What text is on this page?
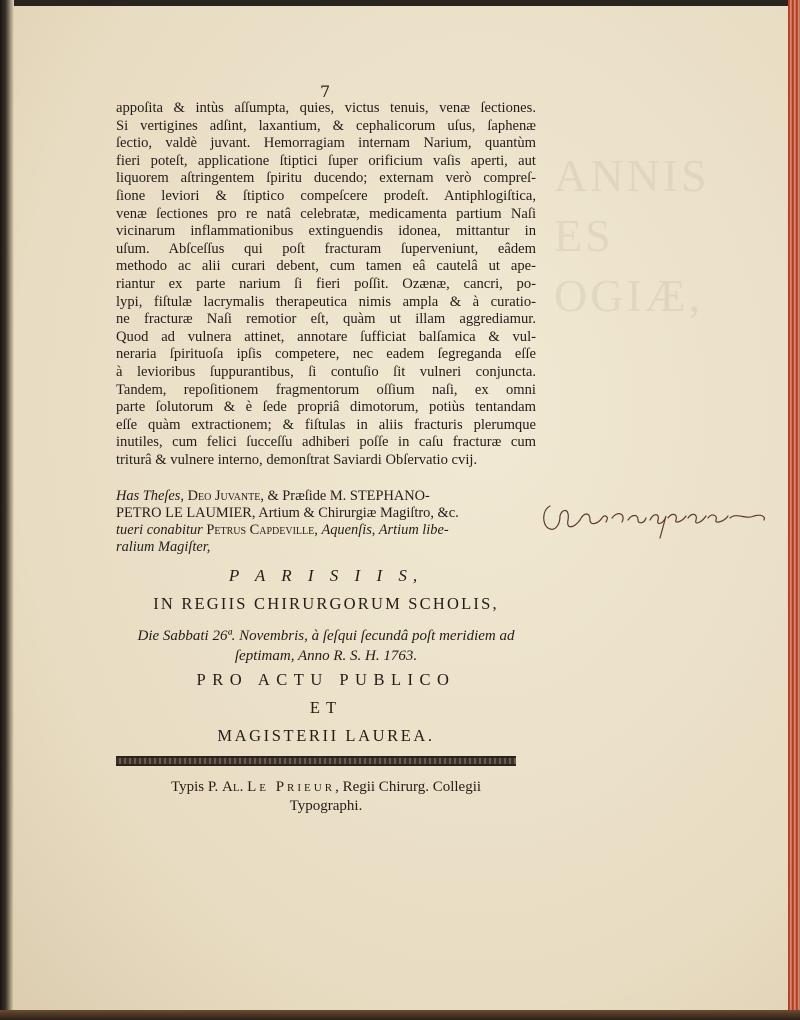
ANNIS
ES
OGIÆ,
7
appoſita & intùs aſſumpta, quies, victus tenuis, venæ ſectiones.
Si vertigines adſint, laxantium, & cephalicorum uſus, ſaphenæ
ſectio, valdè juvant. Hemorragiam internam Narium, quantùm
fieri poteſt, applicatione ſtiptici ſuper orificium vaſis aperti, aut
liquorem aſtringentem ſpiritu ducendo; externam verò compreſ-
ſione leviori & ſtiptico compeſcere prodeſt. Antiphlogiſtica,
venæ ſectiones pro re natâ celebratæ, medicamenta partium Naſi
vicinarum inflammationibus extinguendis idonea, mittantur in
uſum. Abſceſſus qui poſt fracturam ſuperveniunt, eâdem
methodo ac alii curari debent, cum tamen eâ cautelâ ut ape-
riantur ex parte narium ſi fieri poſſit. Ozænæ, cancri, po-
lypi, fiſtulæ lacrymalis therapeutica nimis ampla & à curatio-
ne fracturæ Naſi remotior eſt, quàm ut illam aggrediamur.
Quod ad vulnera attinet, annotare ſufficiat balſamica & vul-
neraria ſpirituoſa ipſis competere, nec eadem ſegreganda eſſe
à levioribus ſuppurantibus, ſi contuſio ſit vulneri conjuncta.
Tandem, repoſitionem fragmentorum oſſium naſi, ex omni
parte ſolutorum & è ſede propriâ dimotorum, potiùs tentandam
eſſe quàm extractionem; & fiſtulas in aliis fracturis plerumque
inutiles, cum felici ſucceſſu adhiberi poſſe in caſu fracturæ cum
triturâ & vulnere interno, demonſtrat Saviardi Obſervatio cvij.
Has Theſes, Deo Juvante, & Præſide M. STEPHANO-
PETRO LE LAUMIER, Artium & Chirurgiæ Magiſtro, &c.
tueri conabitur Petrus Capdeville, Aquenſis, Artium libe-
ralium Magiſter,
P A R I S I I S,
IN REGIIS CHIRURGORUM SCHOLIS,
Die Sabbati 26ª. Novembris, à ſeſqui ſecundâ poſt meridiem ad
ſeptimam, Anno R. S. H. 1763.
PRO ACTU PUBLICO
ET
MAGISTERII LAUREA.
Typis P. Al. Le Prieur, Regii Chirurg. Collegii
Typographi.
